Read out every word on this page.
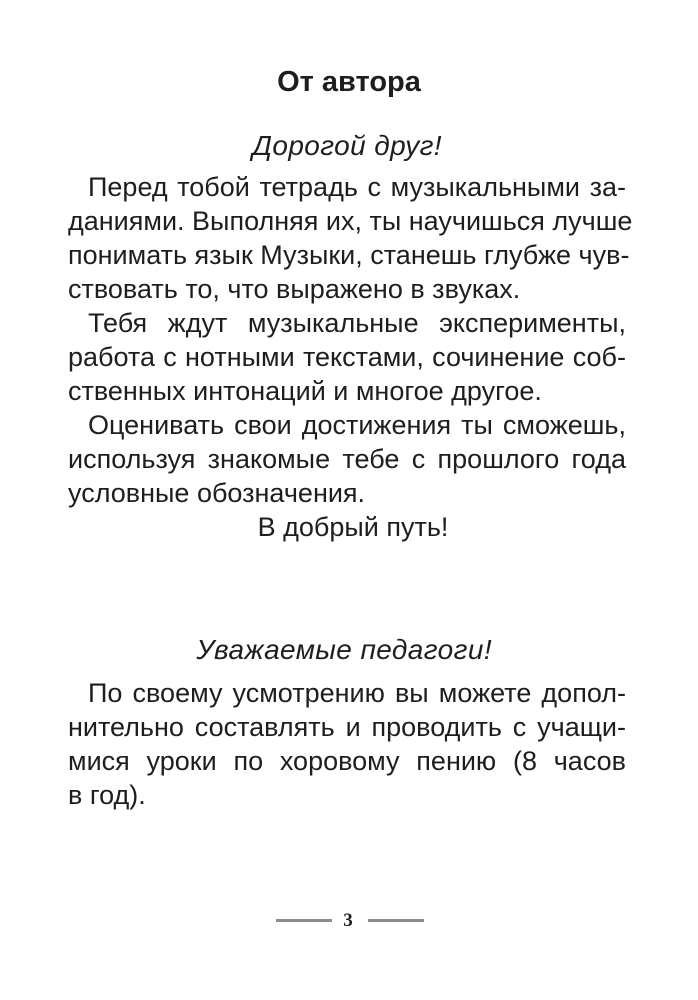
От автора
Дорогой друг!
Перед тобой тетрадь с музыкальными за-
даниями. Выполняя их, ты научишься лучше
понимать язык Музыки, станешь глубже чув-
ствовать то, что выражено в звуках.
Тебя ждут музыкальные эксперименты,
работа с нотными текстами, сочинение соб-
ственных интонаций и многое другое.
Оценивать свои достижения ты сможешь,
используя знакомые тебе с прошлого года
условные обозначения.
В добрый путь!
Уважаемые педагоги!
По своему усмотрению вы можете допол-
нительно составлять и проводить с учащи-
мися уроки по хоровому пению (8 часов
в год).
3
